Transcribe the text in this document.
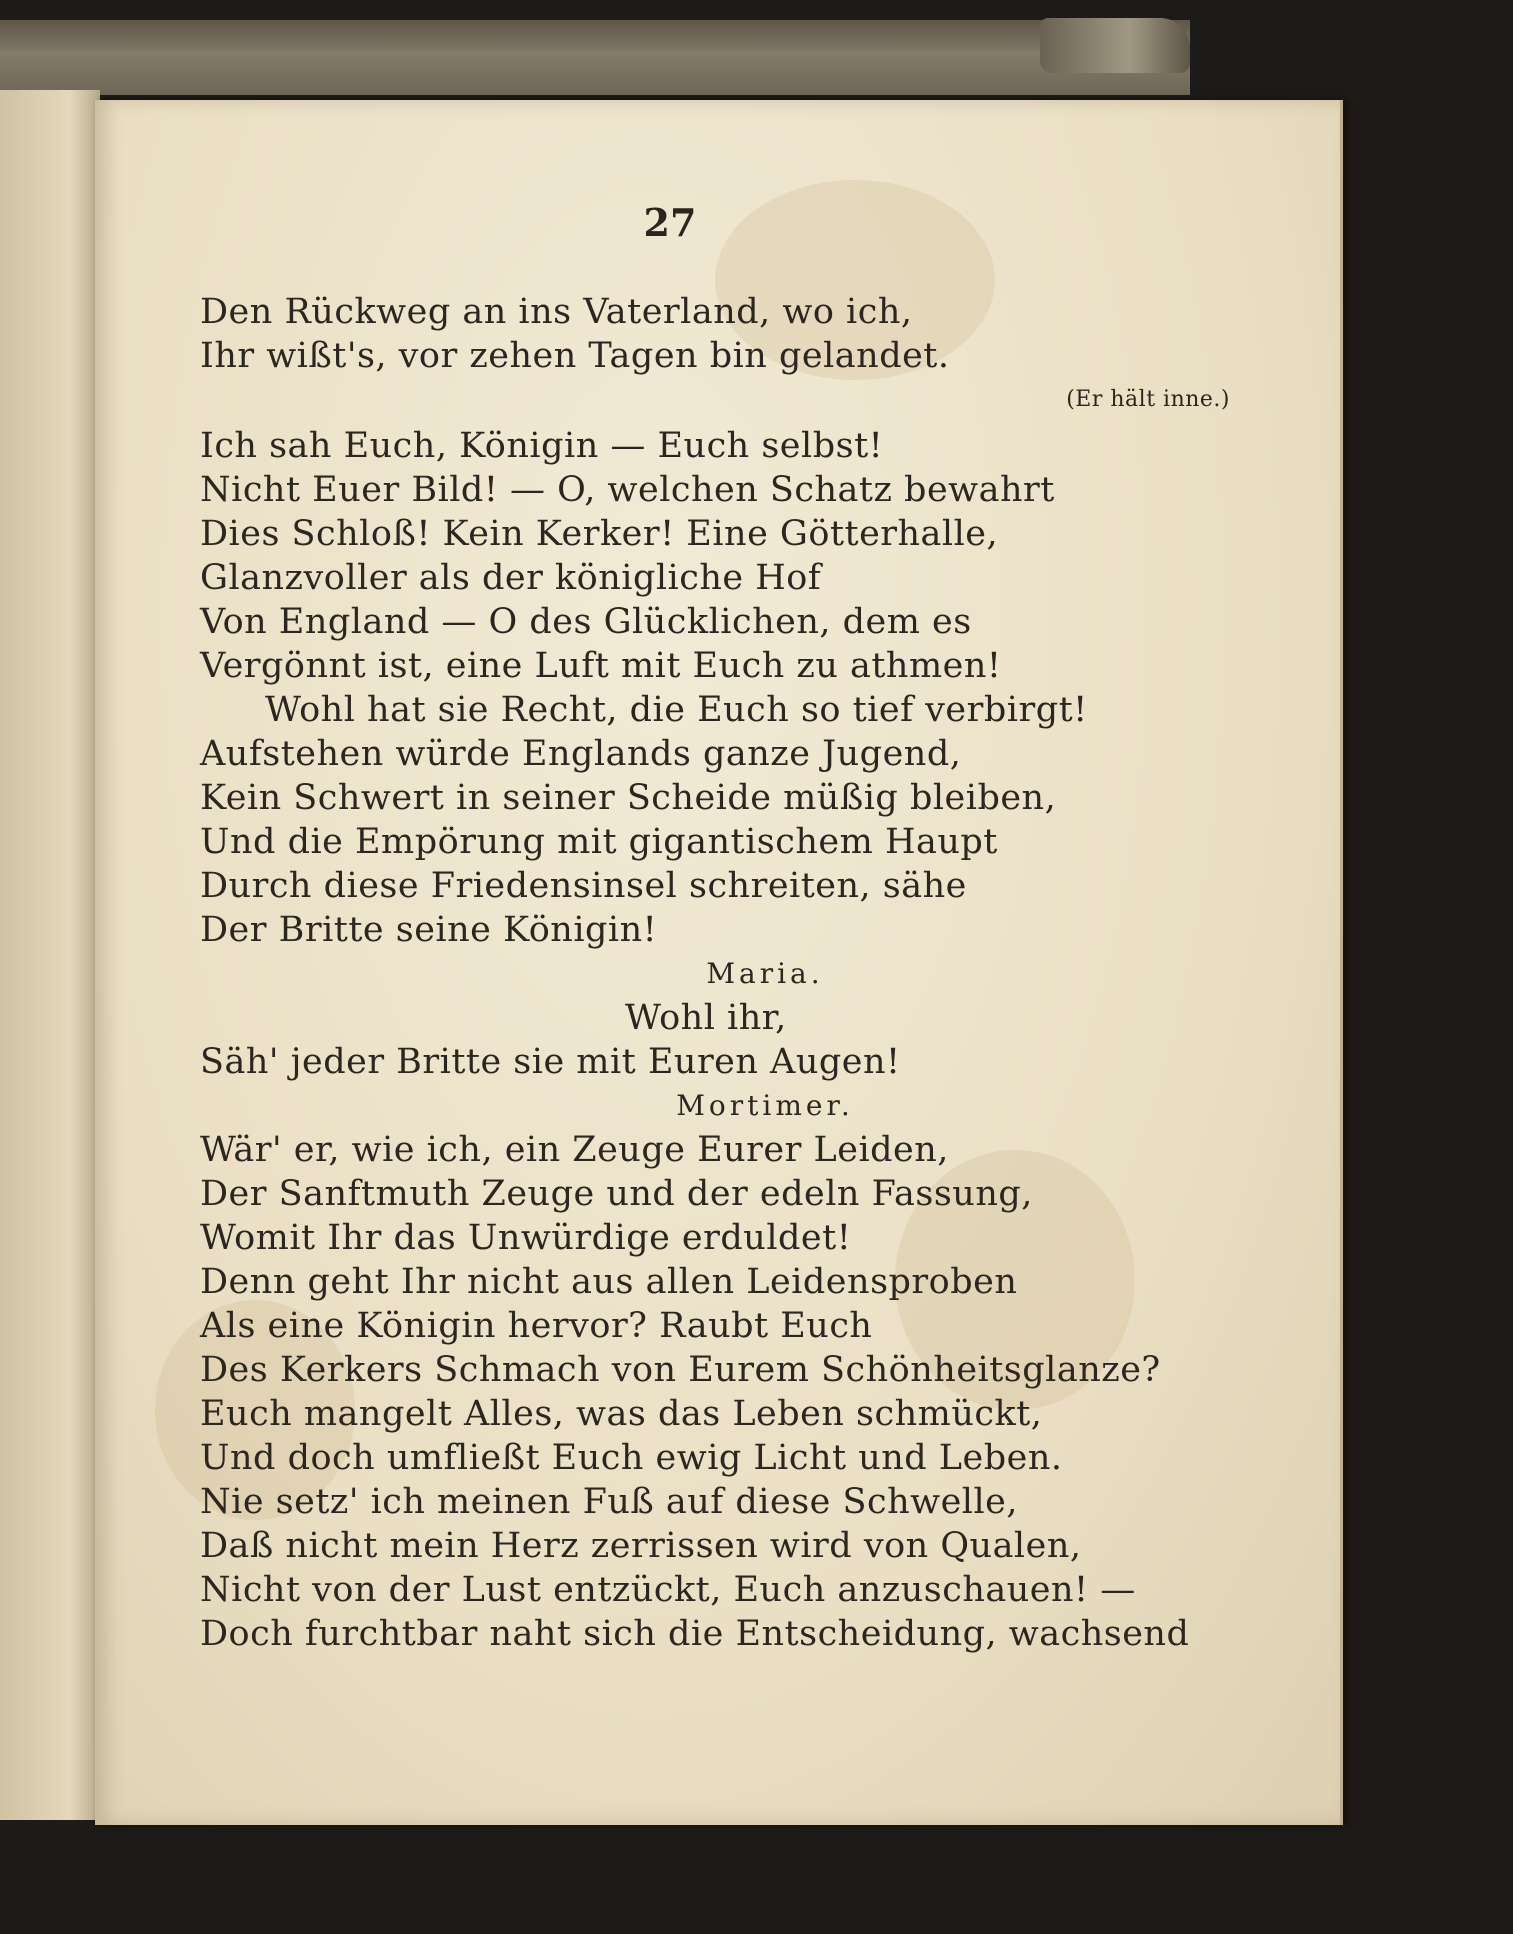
27
Den Rückweg an ins Vaterland, wo ich,
Ihr wißt's, vor zehen Tagen bin gelandet.
(Er hält inne.)
Ich sah Euch, Königin — Euch selbst!
Nicht Euer Bild! — O, welchen Schatz bewahrt
Dies Schloß! Kein Kerker! Eine Götterhalle,
Glanzvoller als der königliche Hof
Von England — O des Glücklichen, dem es
Vergönnt ist, eine Luft mit Euch zu athmen!
Wohl hat sie Recht, die Euch so tief verbirgt!
Aufstehen würde Englands ganze Jugend,
Kein Schwert in seiner Scheide müßig bleiben,
Und die Empörung mit gigantischem Haupt
Durch diese Friedensinsel schreiten, sähe
Der Britte seine Königin!
Maria.
Wohl ihr,
Säh' jeder Britte sie mit Euren Augen!
Mortimer.
Wär' er, wie ich, ein Zeuge Eurer Leiden,
Der Sanftmuth Zeuge und der edeln Fassung,
Womit Ihr das Unwürdige erduldet!
Denn geht Ihr nicht aus allen Leidensproben
Als eine Königin hervor? Raubt Euch
Des Kerkers Schmach von Eurem Schönheitsglanze?
Euch mangelt Alles, was das Leben schmückt,
Und doch umfließt Euch ewig Licht und Leben.
Nie setz' ich meinen Fuß auf diese Schwelle,
Daß nicht mein Herz zerrissen wird von Qualen,
Nicht von der Lust entzückt, Euch anzuschauen! —
Doch furchtbar naht sich die Entscheidung, wachsend
